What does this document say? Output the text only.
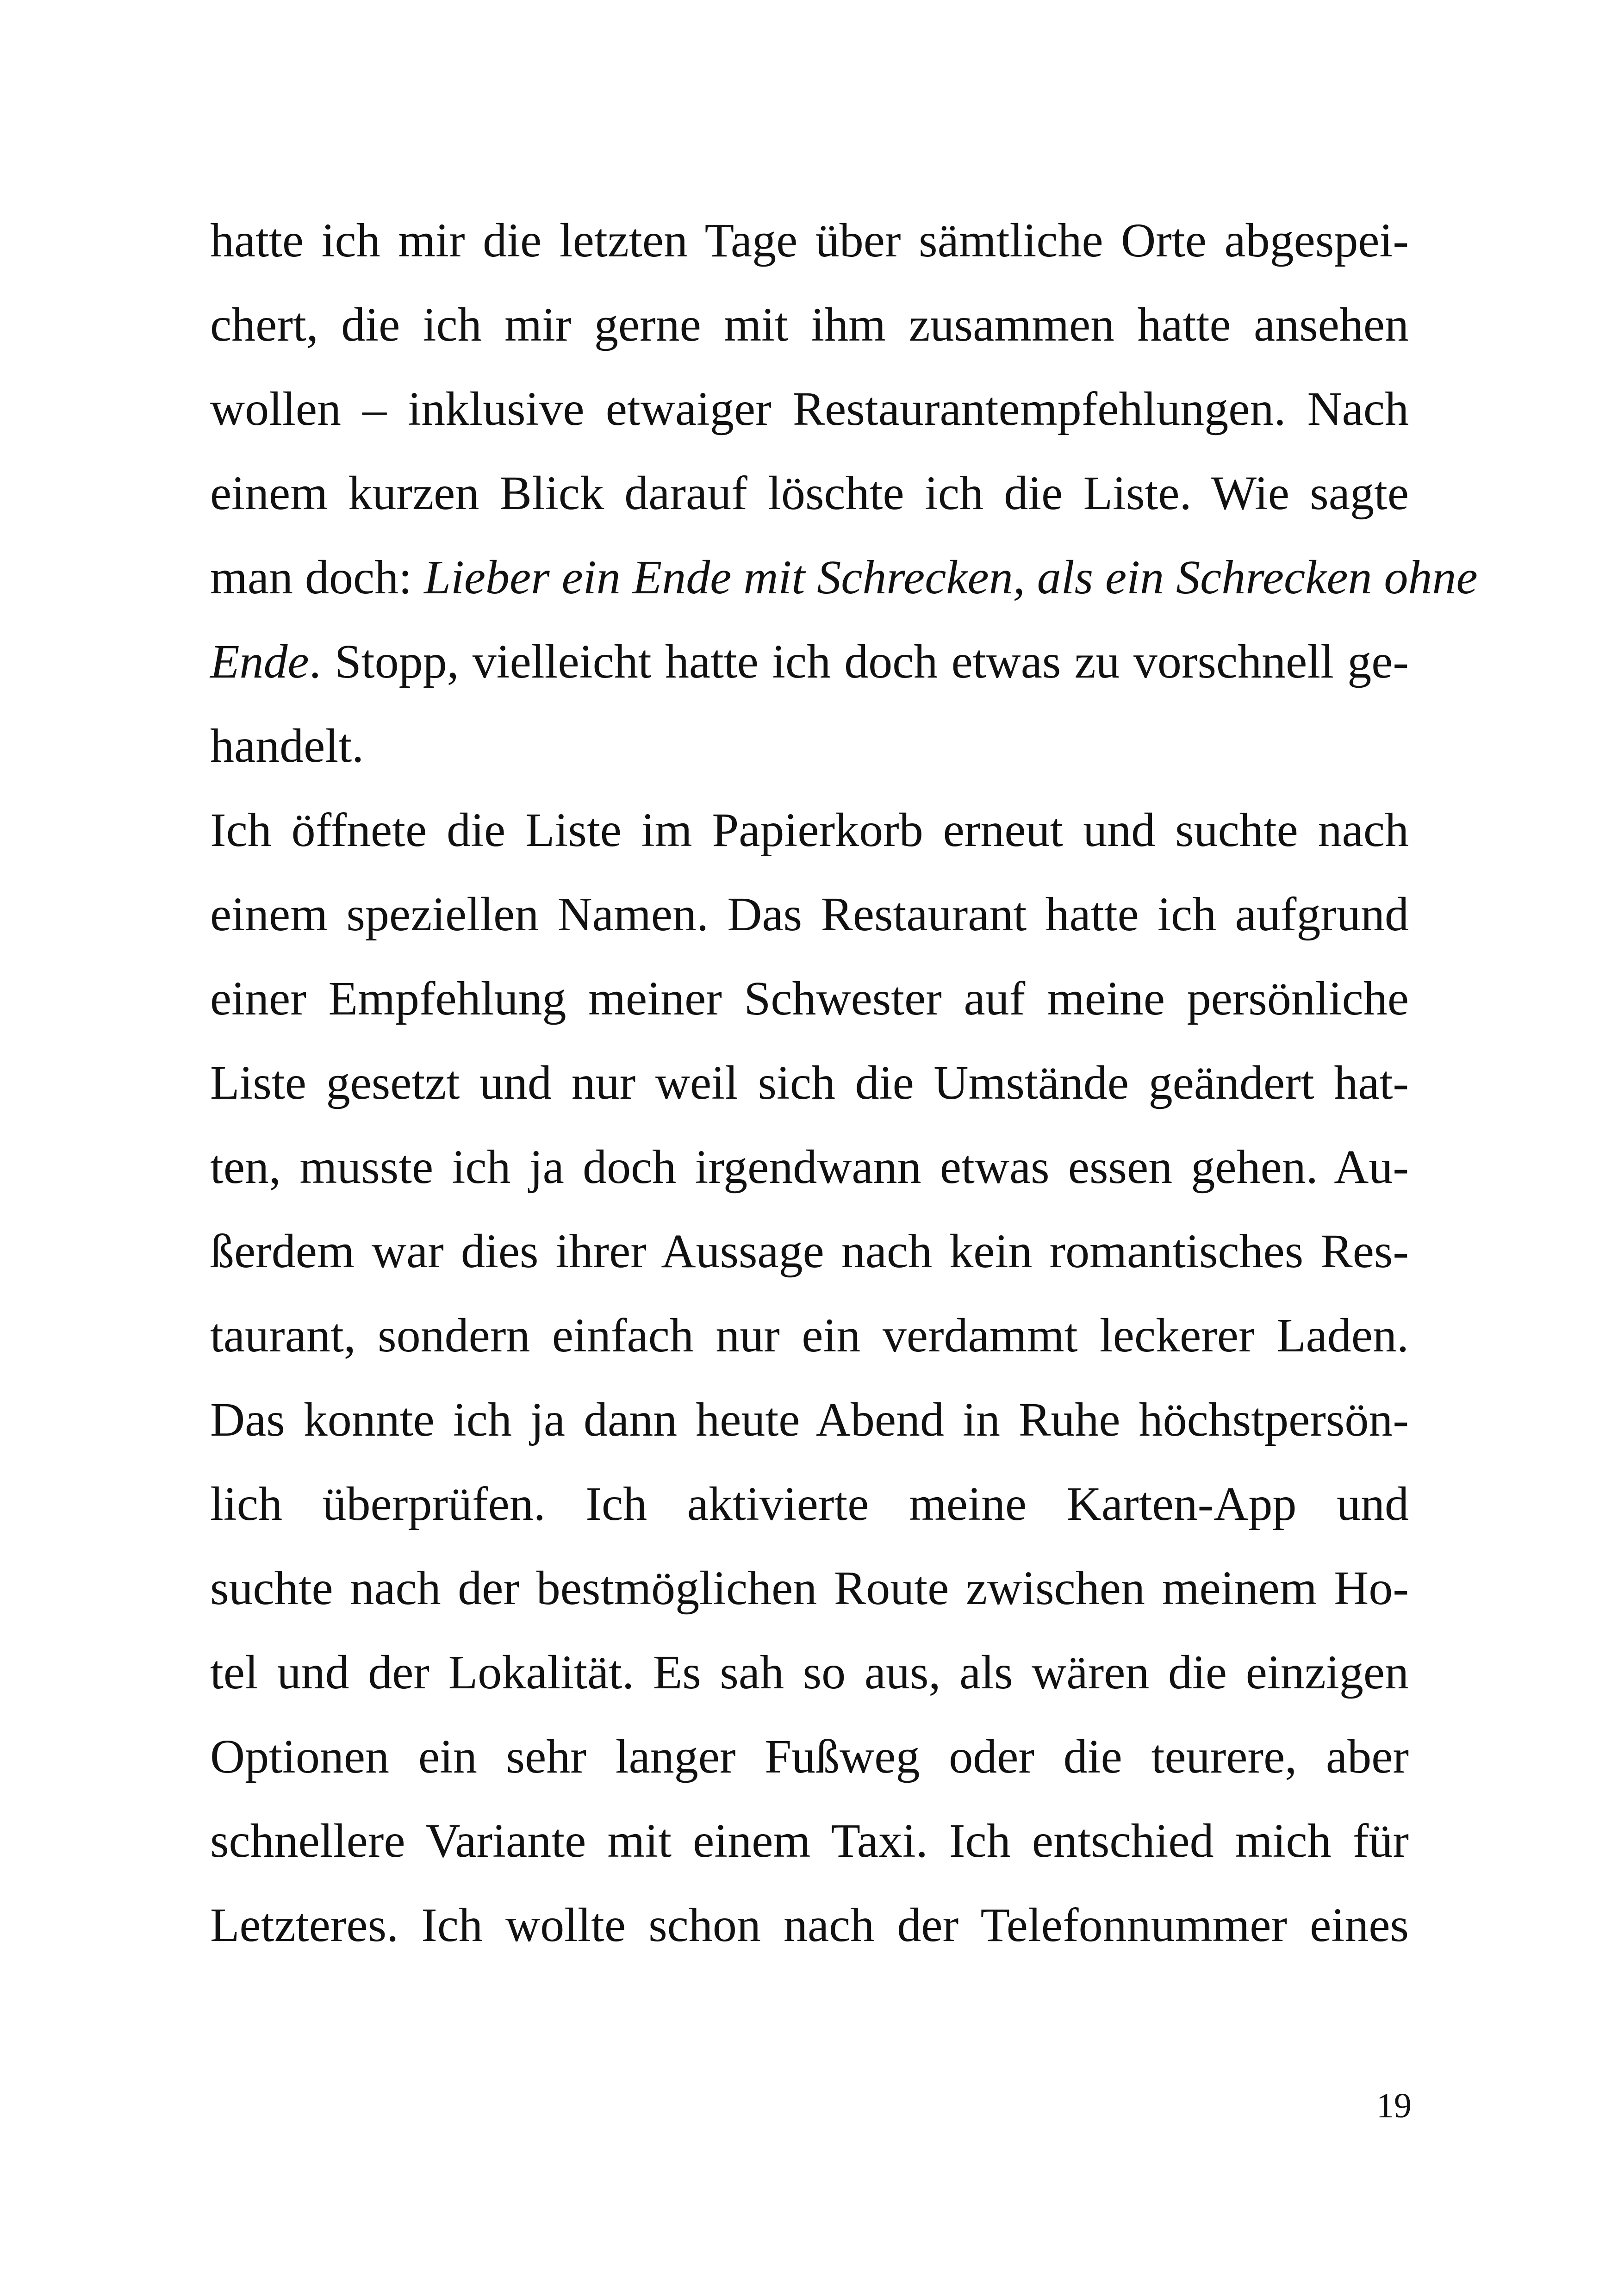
hatte ich mir die letzten Tage über sämtliche Orte abgespei-
chert, die ich mir gerne mit ihm zusammen hatte ansehen
wollen – inklusive etwaiger Restaurantempfehlungen. Nach
einem kurzen Blick darauf löschte ich die Liste. Wie sagte
man doch: Lieber ein Ende mit Schrecken, als ein Schrecken ohne
Ende. Stopp, vielleicht hatte ich doch etwas zu vorschnell ge-
handelt.
Ich öffnete die Liste im Papierkorb erneut und suchte nach
einem speziellen Namen. Das Restaurant hatte ich aufgrund
einer Empfehlung meiner Schwester auf meine persönliche
Liste gesetzt und nur weil sich die Umstände geändert hat-
ten, musste ich ja doch irgendwann etwas essen gehen. Au-
ßerdem war dies ihrer Aussage nach kein romantisches Res-
taurant, sondern einfach nur ein verdammt leckerer Laden.
Das konnte ich ja dann heute Abend in Ruhe höchstpersön-
lich überprüfen. Ich aktivierte meine Karten-App und
suchte nach der bestmöglichen Route zwischen meinem Ho-
tel und der Lokalität. Es sah so aus, als wären die einzigen
Optionen ein sehr langer Fußweg oder die teurere, aber
schnellere Variante mit einem Taxi. Ich entschied mich für
Letzteres. Ich wollte schon nach der Telefonnummer eines
19
